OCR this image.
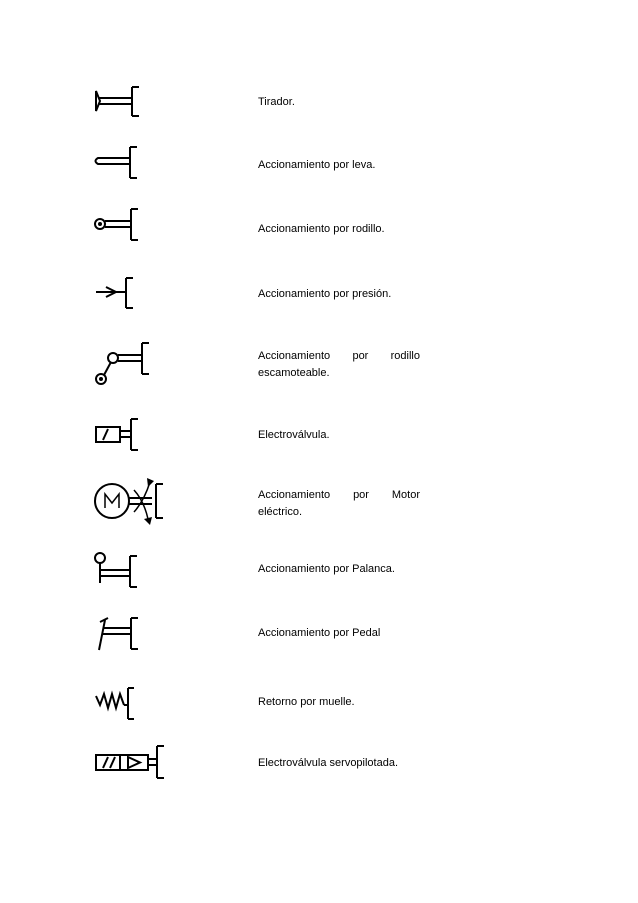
Tirador.
Accionamiento por leva.
Accionamiento por rodillo.
Accionamiento por presión.
Accionamiento por rodillo
escamoteable.
Electroválvula.
Accionamiento por Motor
eléctrico.
Accionamiento por Palanca.
Accionamiento por Pedal
Retorno por muelle.
Electroválvula servopilotada.
